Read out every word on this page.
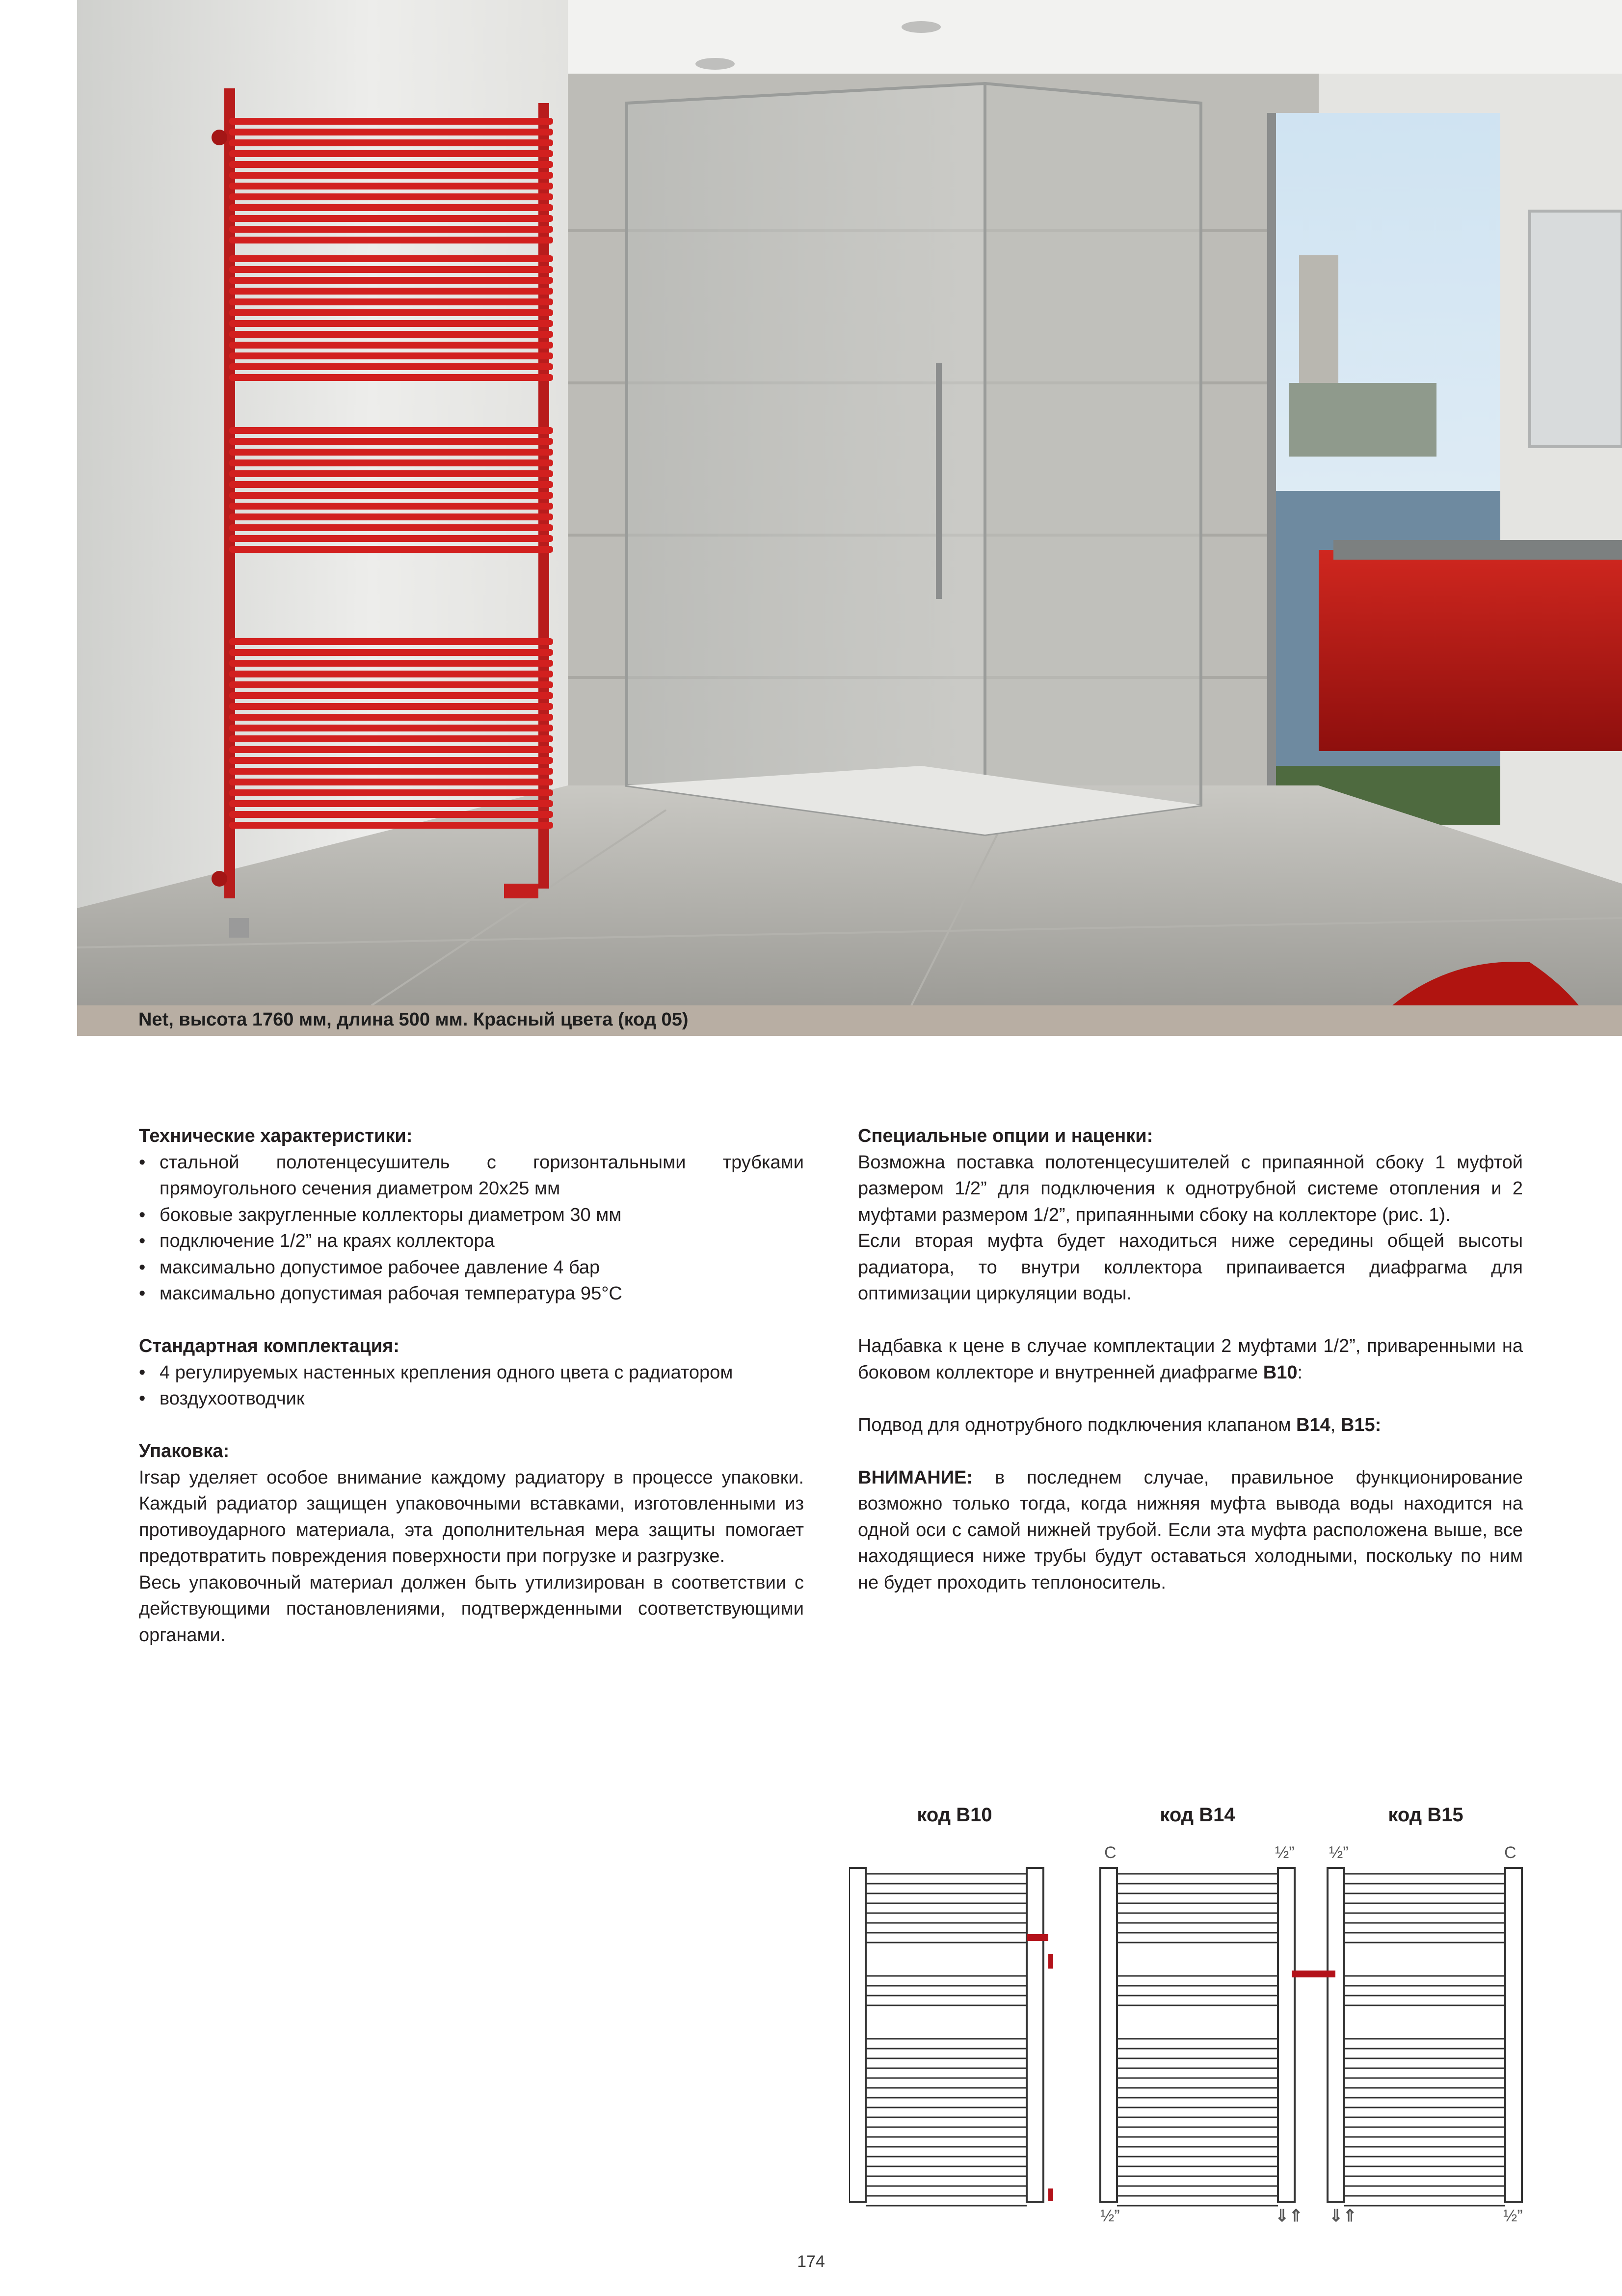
Net, высота 1760 мм, длина 500 мм. Красный цвета (код 05)

Технические характеристики:

• стальной полотенцесушитель с горизонтальными трубками

прямоугольного сечения диаметром 20x25 мм

• боковые закругленные коллекторы диаметром 30 мм

• подключение 1/2” на краях коллектора

• максимально допустимое рабочее давление 4 бар

• максимально допустимая рабочая температура 95°С

Стандартная комплектация:

• 4 регулируемых настенных крепления одного цвета с радиатором

• воздухоотводчик

Упаковка:

Irsap уделяет особое внимание каждому радиатору в процессе упаковки. Каждый радиатор защищен упаковочными вставками, изготовленными из противоударного материала, эта дополнительная мера защиты помогает предотвратить повреждения поверхности при погрузке и разгрузке.

Весь упаковочный материал должен быть утилизирован в соответствии с действующими постановлениями, подтвержденными соответствующими органами.

Специальные опции и наценки:

Возможна поставка полотенцесушителей с припаянной сбоку 1 муфтой размером 1/2” для подключения к однотрубной системе отопления и 2 муфтами размером 1/2”, припаянными сбоку на коллекторе (рис. 1).

Если вторая муфта будет находиться ниже середины общей высоты радиатора, то внутри коллектора припаивается диафрагма для оптимизации циркуляции воды.

Надбавка к цене в случае комплектации 2 муфтами 1/2”, приваренными на боковом коллекторе и внутренней диафрагме B10:

Подвод для однотрубного подключения клапаном B14, B15:

ВНИМАНИЕ: в последнем случае, правильное функционирование возможно только тогда, когда нижняя муфта вывода воды находится на одной оси с самой нижней трубой. Если эта муфта расположена выше, все находящиеся ниже трубы будут оставаться холодными, поскольку по ним не будет проходить теплоноситель.

код B10	код B14	код B15
C	½”
½”	⇓⇑
½”	C
⇓⇑	½”
174
